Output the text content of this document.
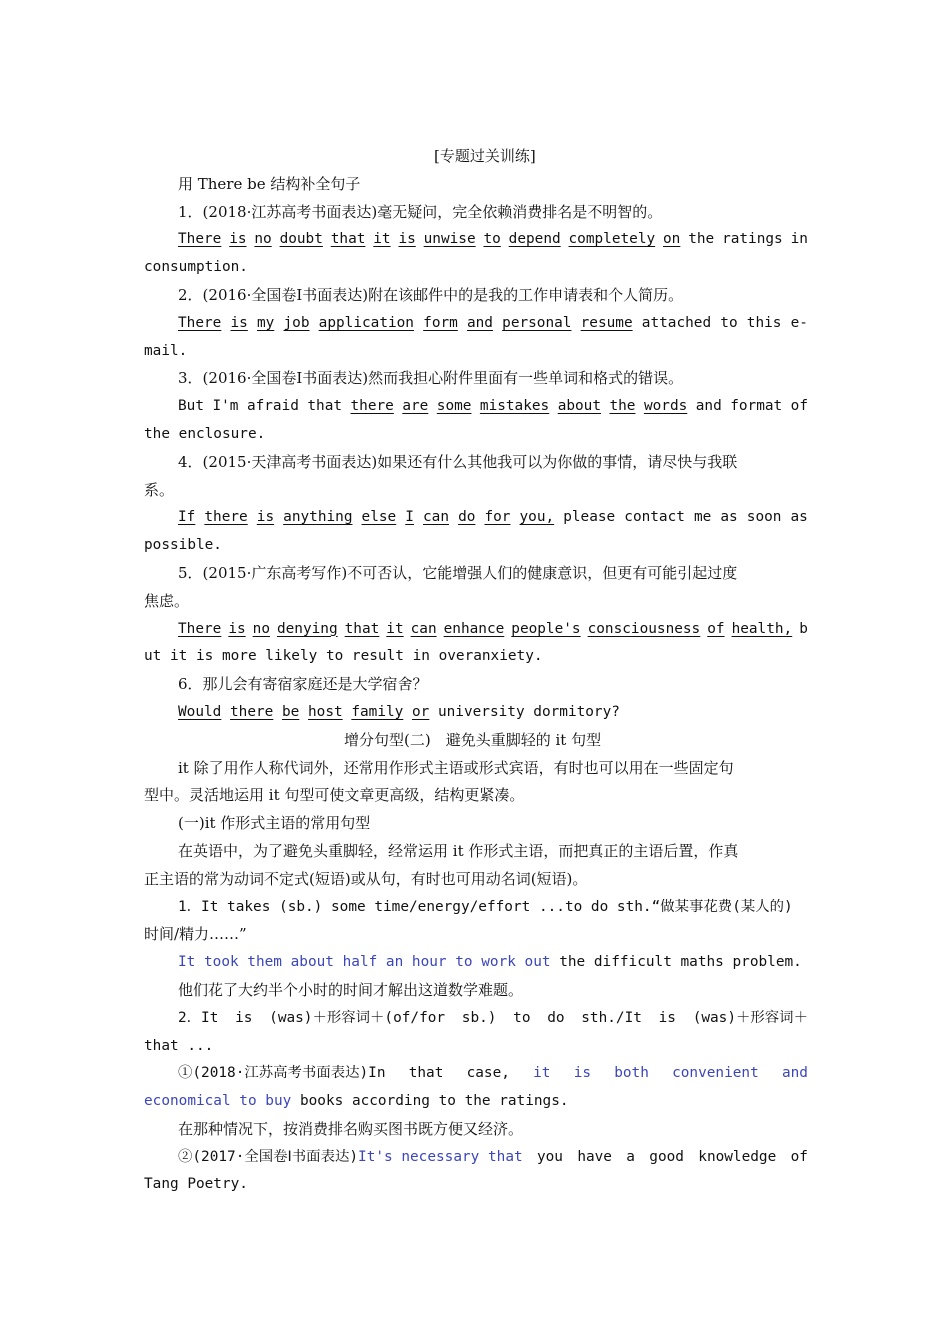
[专题过关训练]
用 There be 结构补全句子
1．(2018·江苏高考书面表达)毫无疑问，完全依赖消费排名是不明智的。
There is no doubt that it is unwise to depend completely on the ratings in
consumption.
2．(2016·全国卷Ⅰ书面表达)附在该邮件中的是我的工作申请表和个人简历。
There is my job application form and personal resume attached to this e-
mail.
3．(2016·全国卷Ⅰ书面表达)然而我担心附件里面有一些单词和格式的错误。
But I'm afraid that there are some mistakes about the words and format of
the enclosure.
4．(2015·天津高考书面表达)如果还有什么其他我可以为你做的事情，请尽快与我联
系。
If there is anything else I can do for you, please contact me as soon as
possible.
5．(2015·广东高考写作)不可否认，它能增强人们的健康意识，但更有可能引起过度
焦虑。
There is no denying that it can enhance people's consciousness of health, b
ut it is more likely to result in overanxiety.
6．那儿会有寄宿家庭还是大学宿舍？
Would there be host family or university dormitory?
增分句型(二)　避免头重脚轻的 it 句型
it 除了用作人称代词外，还常用作形式主语或形式宾语，有时也可以用在一些固定句
型中。灵活地运用 it 句型可使文章更高级，结构更紧凑。
(一)it 作形式主语的常用句型
在英语中，为了避免头重脚轻，经常运用 it 作形式主语，而把真正的主语后置，作真
正主语的常为动词不定式(短语)或从句，有时也可用动名词(短语)。
1．It takes (sb.) some time/energy/effort ...to do sth.“做某事花费(某人的)
时间/精力……”
It took them about half an hour to work out the difficult maths problem.
他们花了大约半个小时的时间才解出这道数学难题。
2．It is (was)＋形容词＋(of/for sb.) to do sth./It is (was)＋形容词＋
that ...
①(2018·江苏高考书面表达)In that case, it is both convenient and
economical to buy books according to the ratings.
在那种情况下，按消费排名购买图书既方便又经济。
②(2017·全国卷Ⅰ书面表达)It's necessary that you have a good knowledge of
Tang Poetry.
